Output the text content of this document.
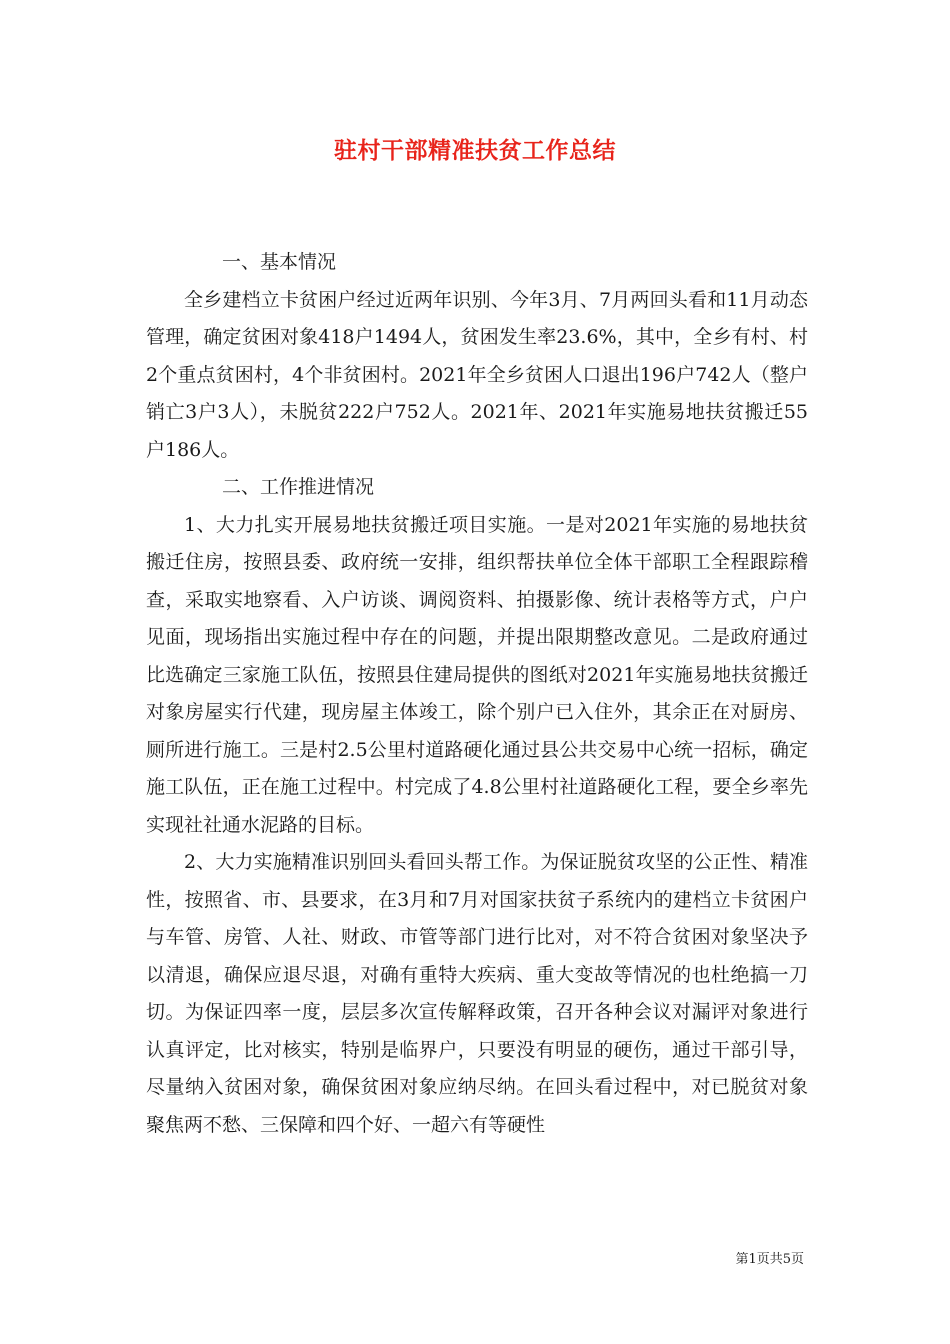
驻村干部精准扶贫工作总结

一、基本情况

全乡建档立卡贫困户经过近两年识别、今年3月、7月两回头看和11月动态管理，确定贫困对象418户1494人，贫困发生率23.6%，其中，全乡有村、村2个重点贫困村，4个非贫困村。2021年全乡贫困人口退出196户742人（整户销亡3户3人），未脱贫222户752人。2021年、2021年实施易地扶贫搬迁55户186人。

二、工作推进情况

1、大力扎实开展易地扶贫搬迁项目实施。一是对2021年实施的易地扶贫搬迁住房，按照县委、政府统一安排，组织帮扶单位全体干部职工全程跟踪稽查，采取实地察看、入户访谈、调阅资料、拍摄影像、统计表格等方式，户户见面，现场指出实施过程中存在的问题，并提出限期整改意见。二是政府通过比选确定三家施工队伍，按照县住建局提供的图纸对2021年实施易地扶贫搬迁对象房屋实行代建，现房屋主体竣工，除个别户已入住外，其余正在对厨房、厕所进行施工。三是村2.5公里村道路硬化通过县公共交易中心统一招标，确定施工队伍，正在施工过程中。村完成了4.8公里村社道路硬化工程，要全乡率先实现社社通水泥路的目标。

2、大力实施精准识别回头看回头帮工作。为保证脱贫攻坚的公正性、精准性，按照省、市、县要求，在3月和7月对国家扶贫子系统内的建档立卡贫困户与车管、房管、人社、财政、市管等部门进行比对，对不符合贫困对象坚决予以清退，确保应退尽退，对确有重特大疾病、重大变故等情况的也杜绝搞一刀切。为保证四率一度，层层多次宣传解释政策，召开各种会议对漏评对象进行认真评定，比对核实，特别是临界户，只要没有明显的硬伤，通过干部引导，尽量纳入贫困对象，确保贫困对象应纳尽纳。在回头看过程中，对已脱贫对象聚焦两不愁、三保障和四个好、一超六有等硬性

第1页共5页
